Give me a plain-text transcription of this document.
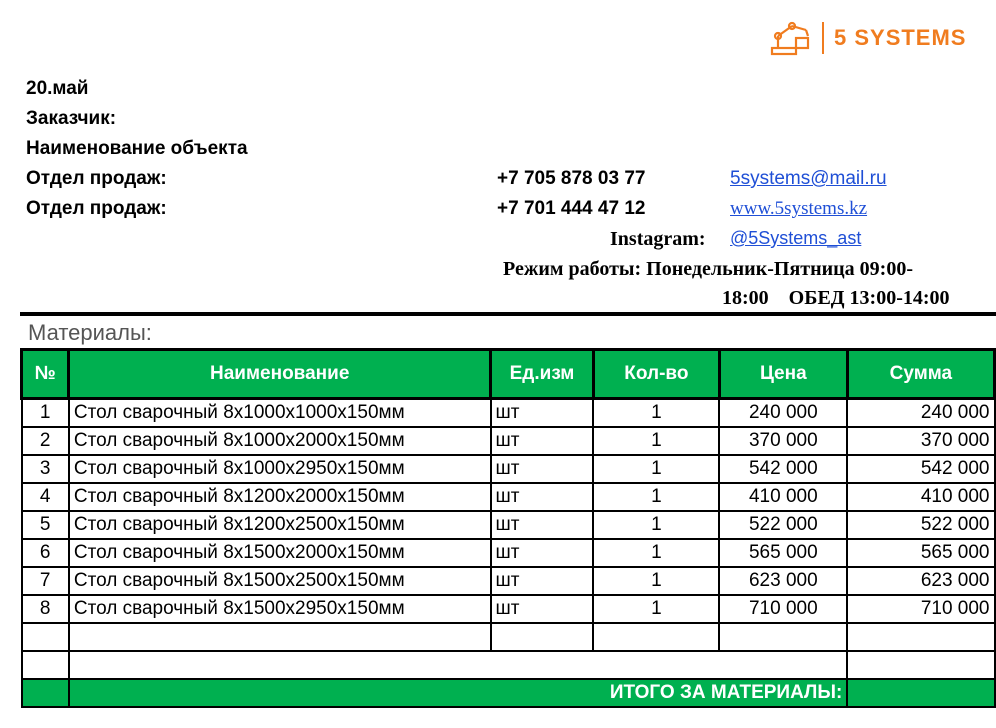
5 SYSTEMS
20.май
Заказчик:
Наименование объекта
Отдел продаж:	+7 705 878 03 77	5systems@mail.ru
Отдел продаж:	+7 701 444 47 12	www.5systems.kz
Instagram: @5Systems_ast
Режим работы: Понедельник-Пятница 09:00-
18:00    ОБЕД 13:00-14:00
Материалы:
№	Наименование	Ед.изм	Кол-во	Цена	Сумма
1	Стол сварочный 8х1000х1000х150мм	шт	1	240 000	240 000
2	Стол сварочный 8х1000х2000х150мм	шт	1	370 000	370 000
3	Стол сварочный 8х1000х2950х150мм	шт	1	542 000	542 000
4	Стол сварочный 8х1200х2000х150мм	шт	1	410 000	410 000
5	Стол сварочный 8х1200х2500х150мм	шт	1	522 000	522 000
6	Стол сварочный 8х1500х2000х150мм	шт	1	565 000	565 000
7	Стол сварочный 8х1500х2500х150мм	шт	1	623 000	623 000
8	Стол сварочный 8х1500х2950х150мм	шт	1	710 000	710 000

	ИТОГО ЗА МАТЕРИАЛЫ:				
